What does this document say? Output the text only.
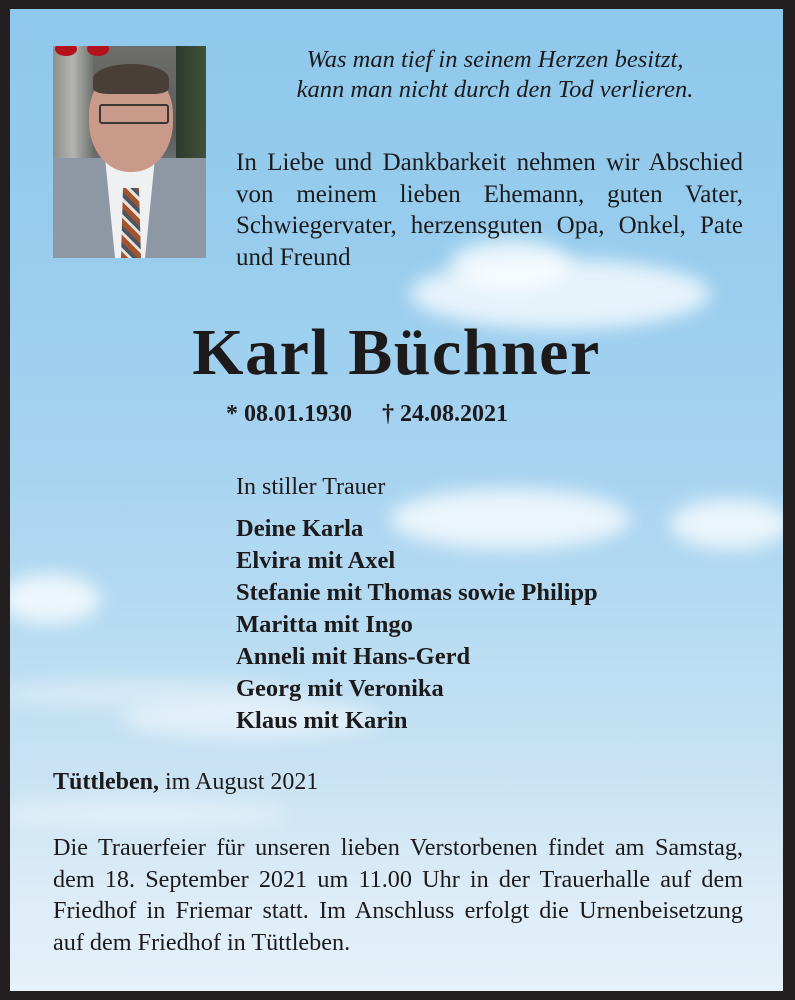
Was man tief in seinem Herzen besitzt,
kann man nicht durch den Tod verlieren.
In Liebe und Dankbarkeit nehmen wir Abschied von meinem lieben Ehemann, guten Vater, Schwiegervater, herzensguten Opa, Onkel, Pate und Freund
Karl Büchner
* 08.01.1930 † 24.08.2021
In stiller Trauer
Deine Karla
Elvira mit Axel
Stefanie mit Thomas sowie Philipp
Maritta mit Ingo
Anneli mit Hans-Gerd
Georg mit Veronika
Klaus mit Karin
Tüttleben, im August 2021
Die Trauerfeier für unseren lieben Verstorbenen findet am Samstag, dem 18. September 2021 um 11.00 Uhr in der Trauerhalle auf dem Friedhof in Friemar statt. Im Anschluss erfolgt die Urnenbeisetzung auf dem Friedhof in Tüttleben.
